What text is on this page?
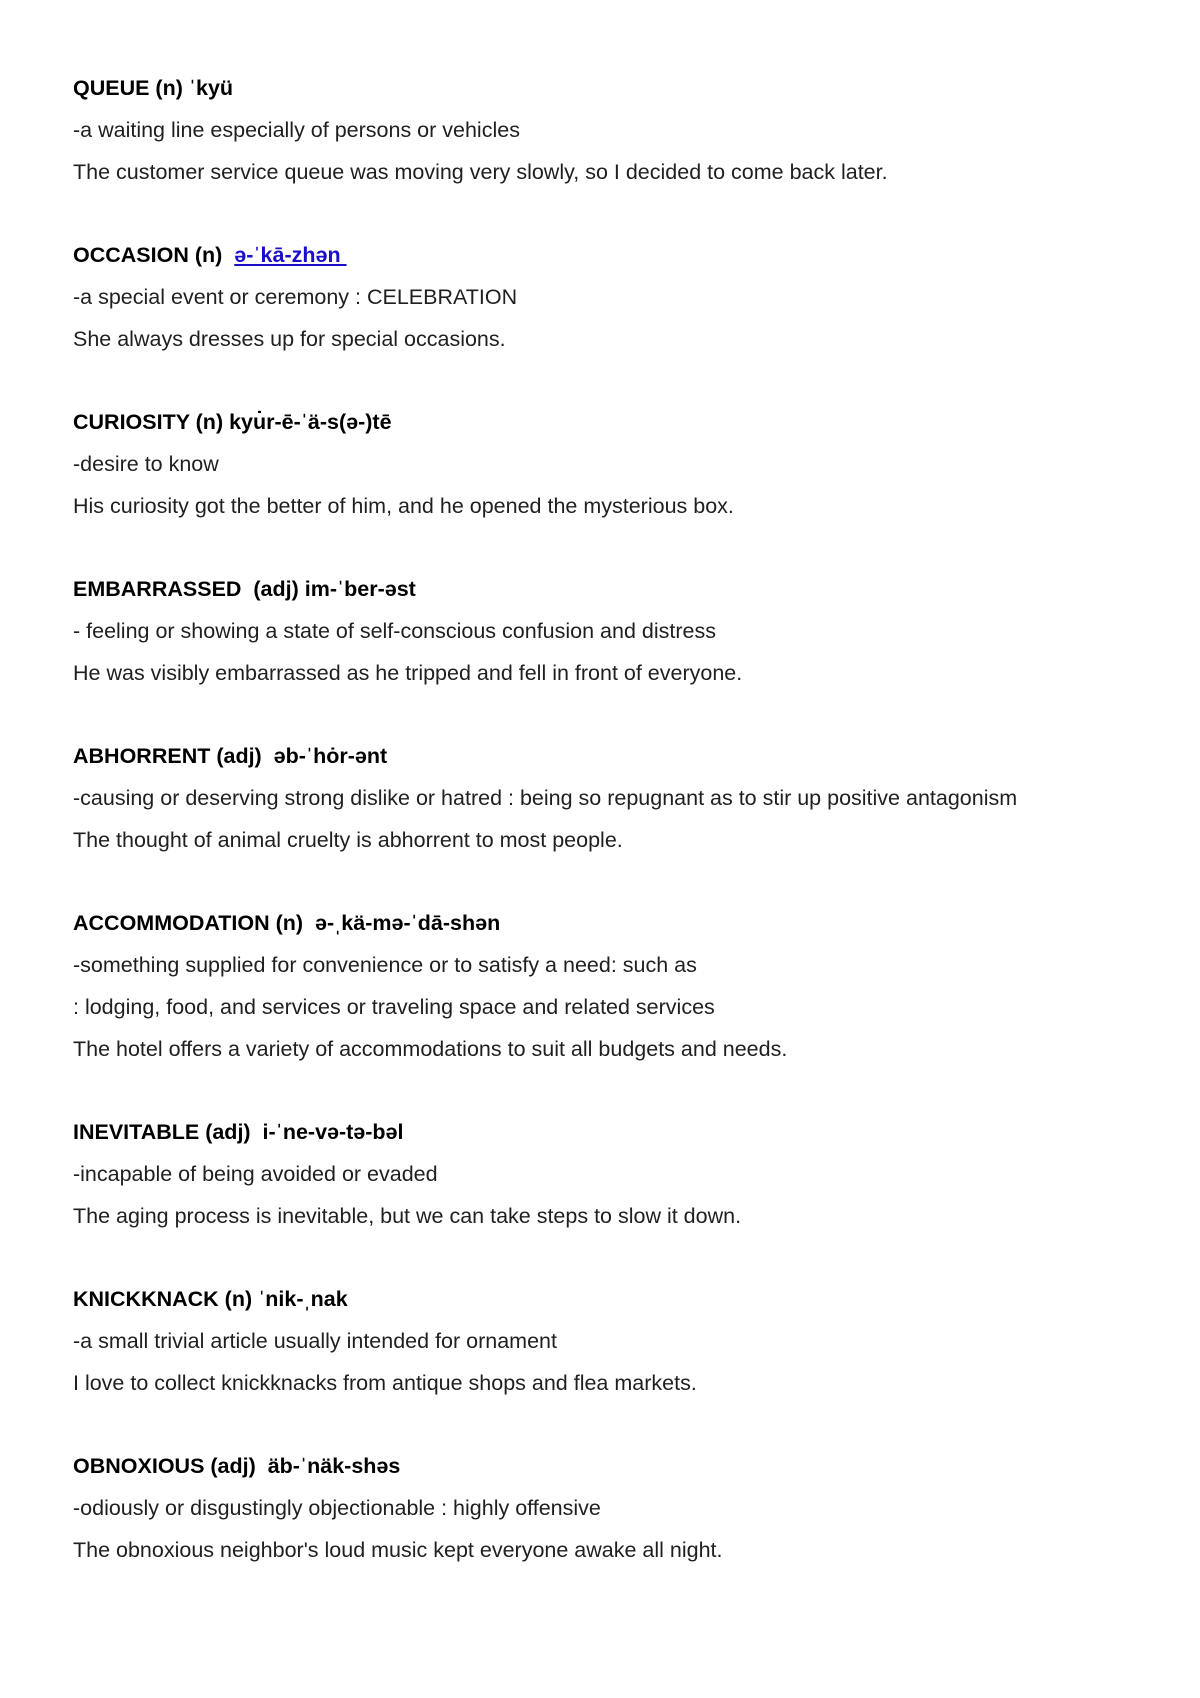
QUEUE (n) ˈkyü
-a waiting line especially of persons or vehicles
The customer service queue was moving very slowly, so I decided to come back later.
OCCASION (n)  ə-ˈkā-zhən
-a special event or ceremony : CELEBRATION
She always dresses up for special occasions.
CURIOSITY (n) kyu̇r-ē-ˈä-s(ə-)tē
-desire to know
His curiosity got the better of him, and he opened the mysterious box.
EMBARRASSED  (adj) im-ˈber-əst
- feeling or showing a state of self-conscious confusion and distress
He was visibly embarrassed as he tripped and fell in front of everyone.
ABHORRENT (adj)  əb-ˈhȯr-ənt
-causing or deserving strong dislike or hatred : being so repugnant as to stir up positive antagonism
The thought of animal cruelty is abhorrent to most people.
ACCOMMODATION (n)  ə-ˌkä-mə-ˈdā-shən
-something supplied for convenience or to satisfy a need: such as
: lodging, food, and services or traveling space and related services
The hotel offers a variety of accommodations to suit all budgets and needs.
INEVITABLE (adj)  i-ˈne-və-tə-bəl
-incapable of being avoided or evaded
The aging process is inevitable, but we can take steps to slow it down.
KNICKKNACK (n) ˈnik-ˌnak
-a small trivial article usually intended for ornament
I love to collect knickknacks from antique shops and flea markets.
OBNOXIOUS (adj)  äb-ˈnäk-shəs
-odiously or disgustingly objectionable : highly offensive
The obnoxious neighbor's loud music kept everyone awake all night.
